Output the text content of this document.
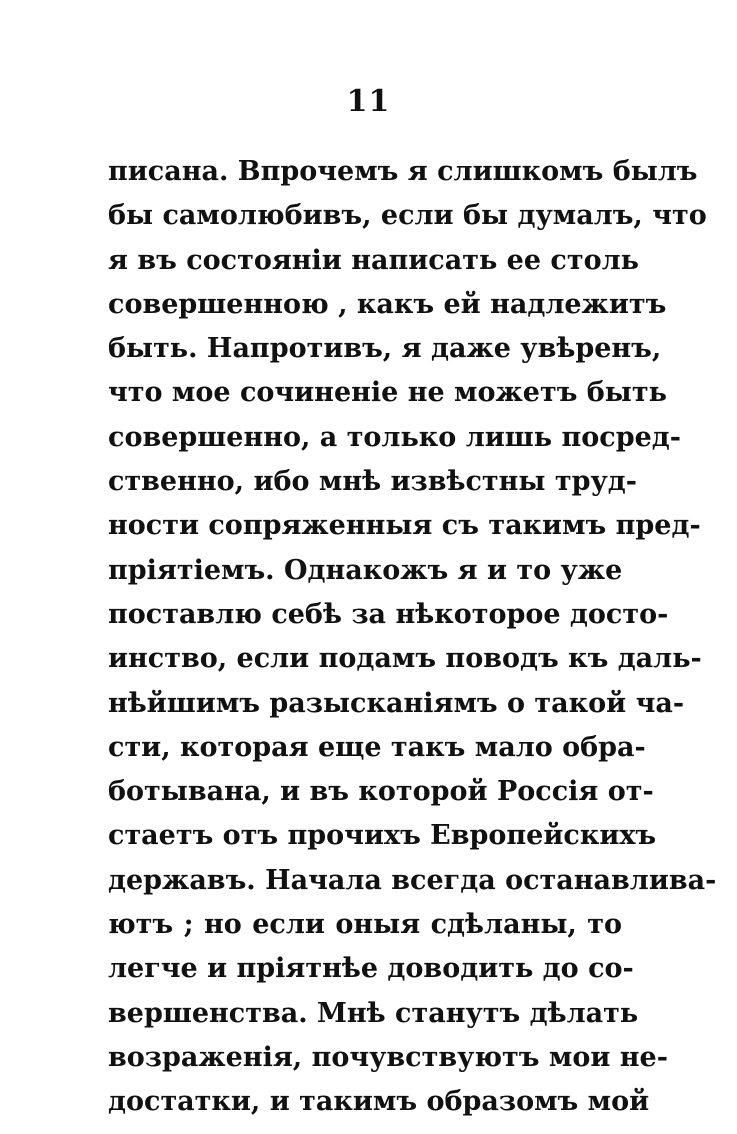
11
писана. Впрочемъ я слишкомъ былъ
бы самолюбивъ, если бы думалъ, что
я въ состоянiи написать ее столь
совершенною , какъ ей надлежитъ
быть. Напротивъ, я даже увѣренъ,
что мое сочиненiе не можетъ быть
совершенно, а только лишь посред-
ственно, ибо мнѣ извѣстны труд-
ности сопряженныя съ такимъ пред-
прiятiемъ. Однакожъ я и то уже
поставлю себѣ за нѣкоторое досто-
инство, если подамъ поводъ къ даль-
нѣйшимъ разысканiямъ о такой ча-
сти, которая еще такъ мало обра-
ботывана, и въ которой Россiя от-
стаетъ отъ прочихъ Европейскихъ
державъ. Начала всегда останавлива-
ютъ ; но если оныя сдѣланы, то
легче и прiятнѣе доводить до со-
вершенства. Мнѣ станутъ дѣлать
возраженiя, почувствуютъ мои не-
достатки, и такимъ образомъ мой
